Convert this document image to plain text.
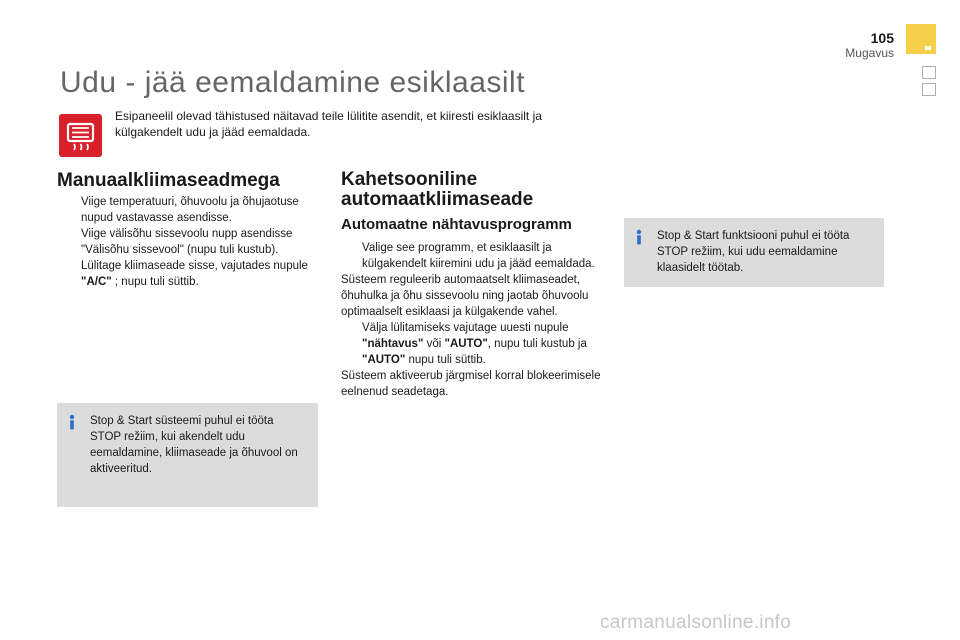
105
Mugavus
Udu - jää eemaldamine esiklaasilt
Esipaneelil olevad tähistused näitavad teile lülitite asendit, et kiiresti esiklaasilt ja külgakendelt udu ja jääd eemaldada.
Manuaalkliimaseadmega
Viige temperatuuri, õhuvoolu ja õhujaotuse nupud vastavasse asendisse.
Viige välisõhu sissevoolu nupp asendisse "Välisõhu sissevool" (nupu tuli kustub).
Lülitage kliimaseade sisse, vajutades nupule "A/C" ; nupu tuli süttib.
Stop & Start süsteemi puhul ei tööta STOP režiim, kui akendelt udu eemaldamine, kliimaseade ja õhuvool on aktiveeritud.
Kahetsooniline automaatkliimaseade
Automaatne nähtavusprogramm
Valige see programm, et esiklaasilt ja külgakendelt kiiremini udu ja jääd eemaldada.

Süsteem reguleerib automaatselt kliimaseadet, õhuhulka ja õhu sissevoolu ning jaotab õhuvoolu optimaalselt esiklaasi ja külgakende vahel.

Välja lülitamiseks vajutage uuesti nupule "nähtavus" või "AUTO", nupu tuli kustub ja "AUTO" nupu tuli süttib.

Süsteem aktiveerub järgmisel korral blokeerimisele eelnenud seadetaga.

Stop & Start funktsiooni puhul ei tööta STOP režiim, kui udu eemaldamine klaasidelt töötab.
carmanualsonline.info
